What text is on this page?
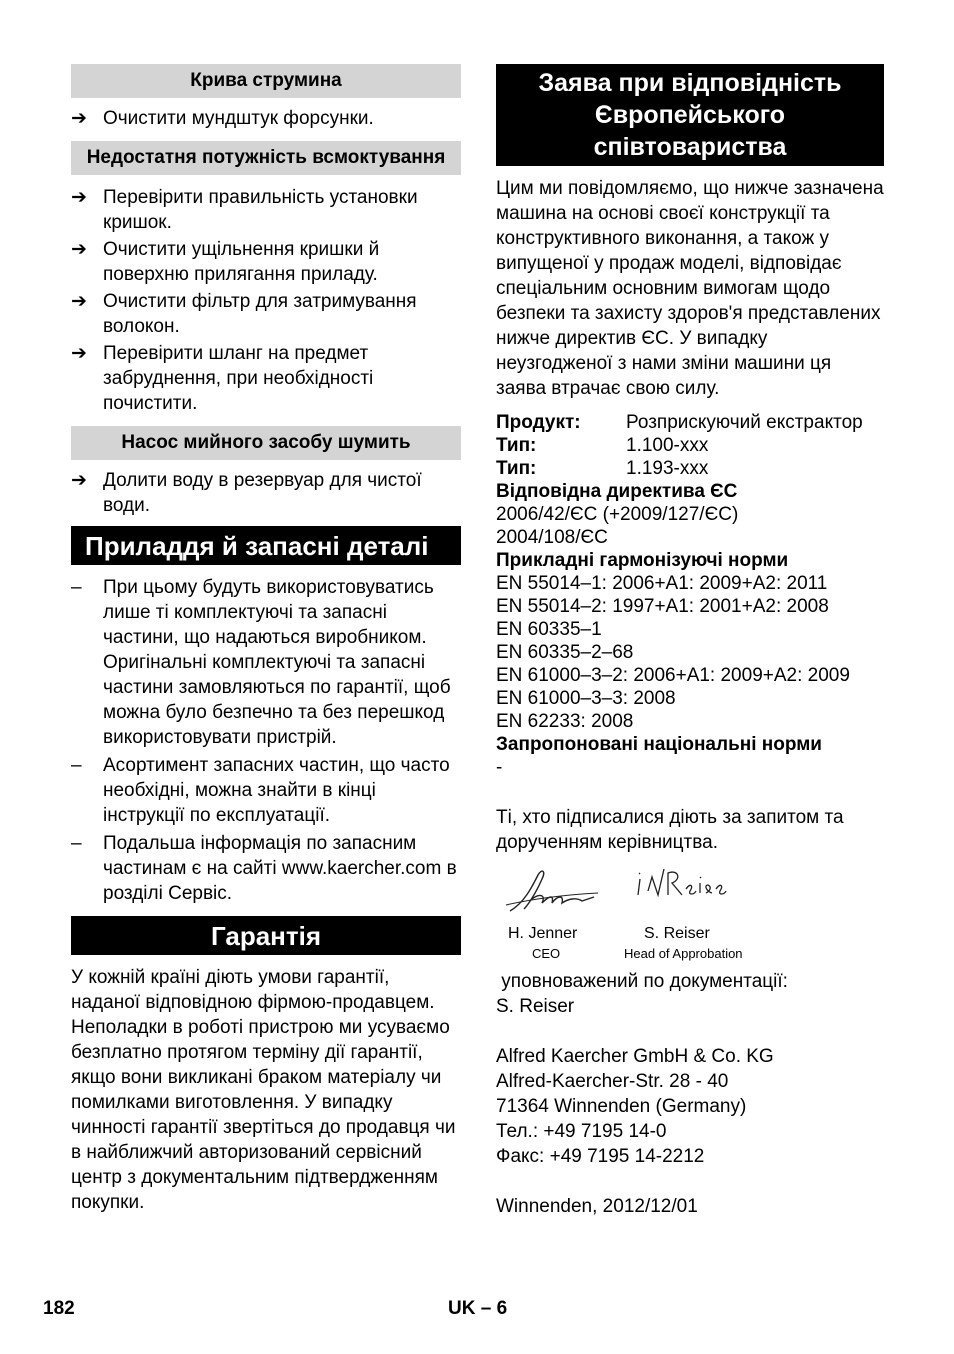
Крива струмина
➔ Очистити мундштук форсунки.
Недостатня потужність всмоктування
➔ Перевірити правильність установки кришок.
➔ Очистити ущільнення кришки й поверхню прилягання приладу.
➔ Очистити фільтр для затримування волокон.
➔ Перевірити шланг на предмет забруднення, при необхідності почистити.
Насос мийного засобу шумить
➔ Долити воду в резервуар для чистої води.
Приладдя й запасні деталі
–	При цьому будуть використовуватись лише ті комплектуючі та запасні частини, що надаються виробником. Оригінальні комплектуючі та запасні частини замовляються по гарантії, щоб можна було безпечно та без перешкод використовувати пристрій.
–	Асортимент запасних частин, що часто необхідні, можна знайти в кінці інструкції по експлуатації.
–	Подальша інформація по запасним частинам є на сайті www.kaercher.com в розділі Сервіс.
Гарантія
У кожній країні діють умови гарантії, наданої відповідною фірмою-продавцем. Неполадки в роботі пристрою ми усуваємо безплатно протягом терміну дії гарантії, якщо вони викликані браком матеріалу чи помилками виготовлення. У випадку чинності гарантії звертіться до продавця чи в найближчий авторизований сервісний центр з документальним підтвердженням покупки.
Заява при відповідність Європейського співтовариства
Цим ми повідомляємо, що нижче зазначена машина на основі своєї конструкції та конструктивного виконання, а також у випущеної у продаж моделі, відповідає спеціальним основним вимогам щодо безпеки та захисту здоров'я представлених нижче директив ЄС. У випадку неузгодженої з нами зміни машини ця заява втрачає свою силу.
Продукт:	Розприскуючий екстрактор
Тип:	1.100-xxx
Тип:	1.193-xxx
Відповідна директива ЄС
2006/42/ЄС (+2009/127/ЄС)
2004/108/ЄС
Прикладні гармонізуючі норми
EN 55014–1: 2006+A1: 2009+A2: 2011
EN 55014–2: 1997+A1: 2001+A2: 2008
EN 60335–1
EN 60335–2–68
EN 61000–3–2: 2006+A1: 2009+A2: 2009
EN 61000–3–3: 2008
EN 62233: 2008
Запропоновані національні норми
-
Ті, хто підписалися діють за запитом та дорученням керівництва.
H. Jenner
CEO
S. Reiser
Head of Approbation
уповноважений по документації:
S. Reiser
Alfred Kaercher GmbH & Co. KG
Alfred-Kaercher-Str. 28 - 40
71364 Winnenden (Germany)
Тел.: +49 7195 14-0
Факс: +49 7195 14-2212
Winnenden, 2012/12/01
182	UK – 6
